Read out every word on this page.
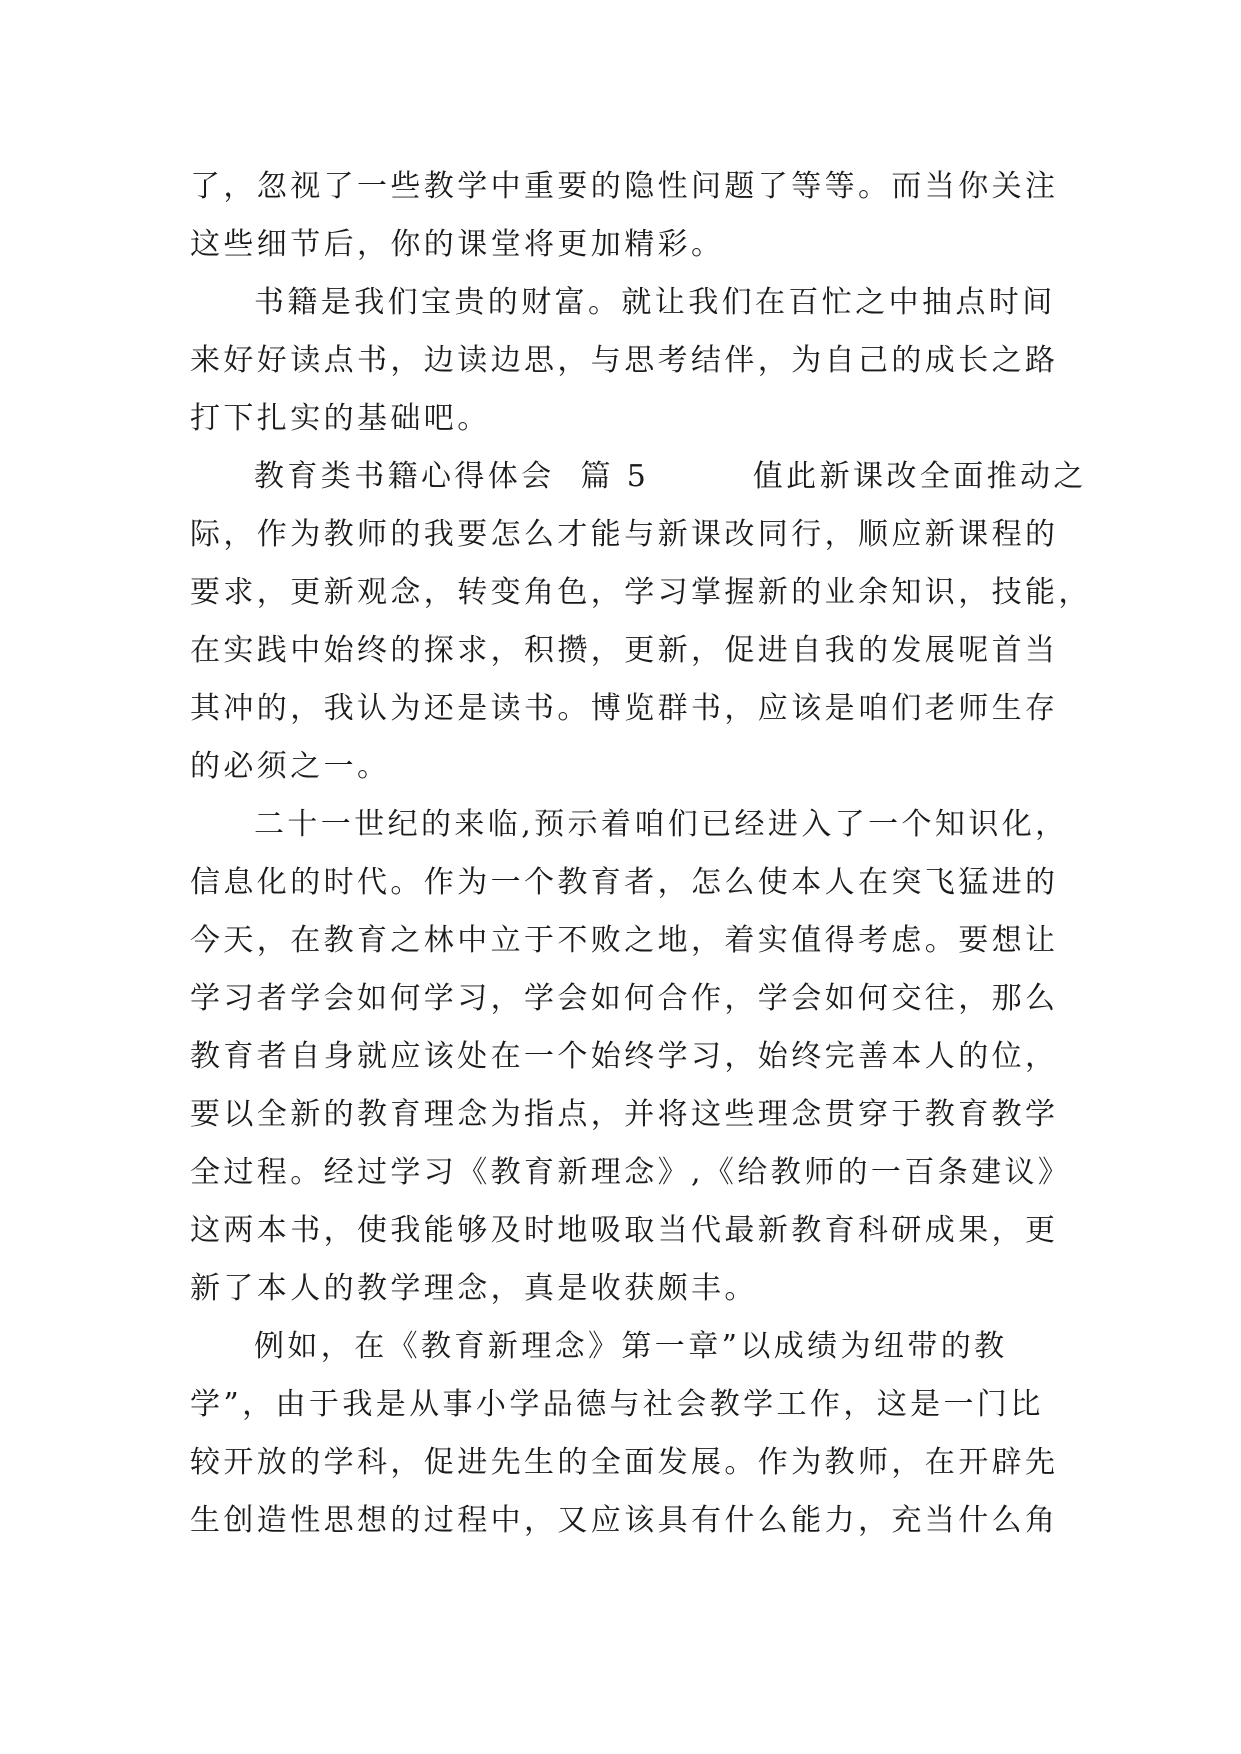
了，忽视了一些教学中重要的隐性问题了等等。而当你关注
这些细节后，你的课堂将更加精彩。
书籍是我们宝贵的财富。就让我们在百忙之中抽点时间
来好好读点书，边读边思，与思考结伴，为自己的成长之路
打下扎实的基础吧。
教育类书籍心得体会  篇 5        值此新课改全面推动之
际，作为教师的我要怎么才能与新课改同行，顺应新课程的
要求，更新观念，转变角色，学习掌握新的业余知识，技能，
在实践中始终的探求，积攒，更新，促进自我的发展呢首当
其冲的，我认为还是读书。博览群书，应该是咱们老师生存
的必须之一。
二十一世纪的来临,预示着咱们已经进入了一个知识化，
信息化的时代。作为一个教育者，怎么使本人在突飞猛进的
今天，在教育之林中立于不败之地，着实值得考虑。要想让
学习者学会如何学习，学会如何合作，学会如何交往，那么
教育者自身就应该处在一个始终学习，始终完善本人的位，
要以全新的教育理念为指点，并将这些理念贯穿于教育教学
全过程。经过学习《教育新理念》,《给教师的一百条建议》
这两本书，使我能够及时地吸取当代最新教育科研成果，更
新了本人的教学理念，真是收获颇丰。
例如，在《教育新理念》第一章”以成绩为纽带的教
学”，由于我是从事小学品德与社会教学工作，这是一门比
较开放的学科，促进先生的全面发展。作为教师，在开辟先
生创造性思想的过程中，又应该具有什么能力，充当什么角
